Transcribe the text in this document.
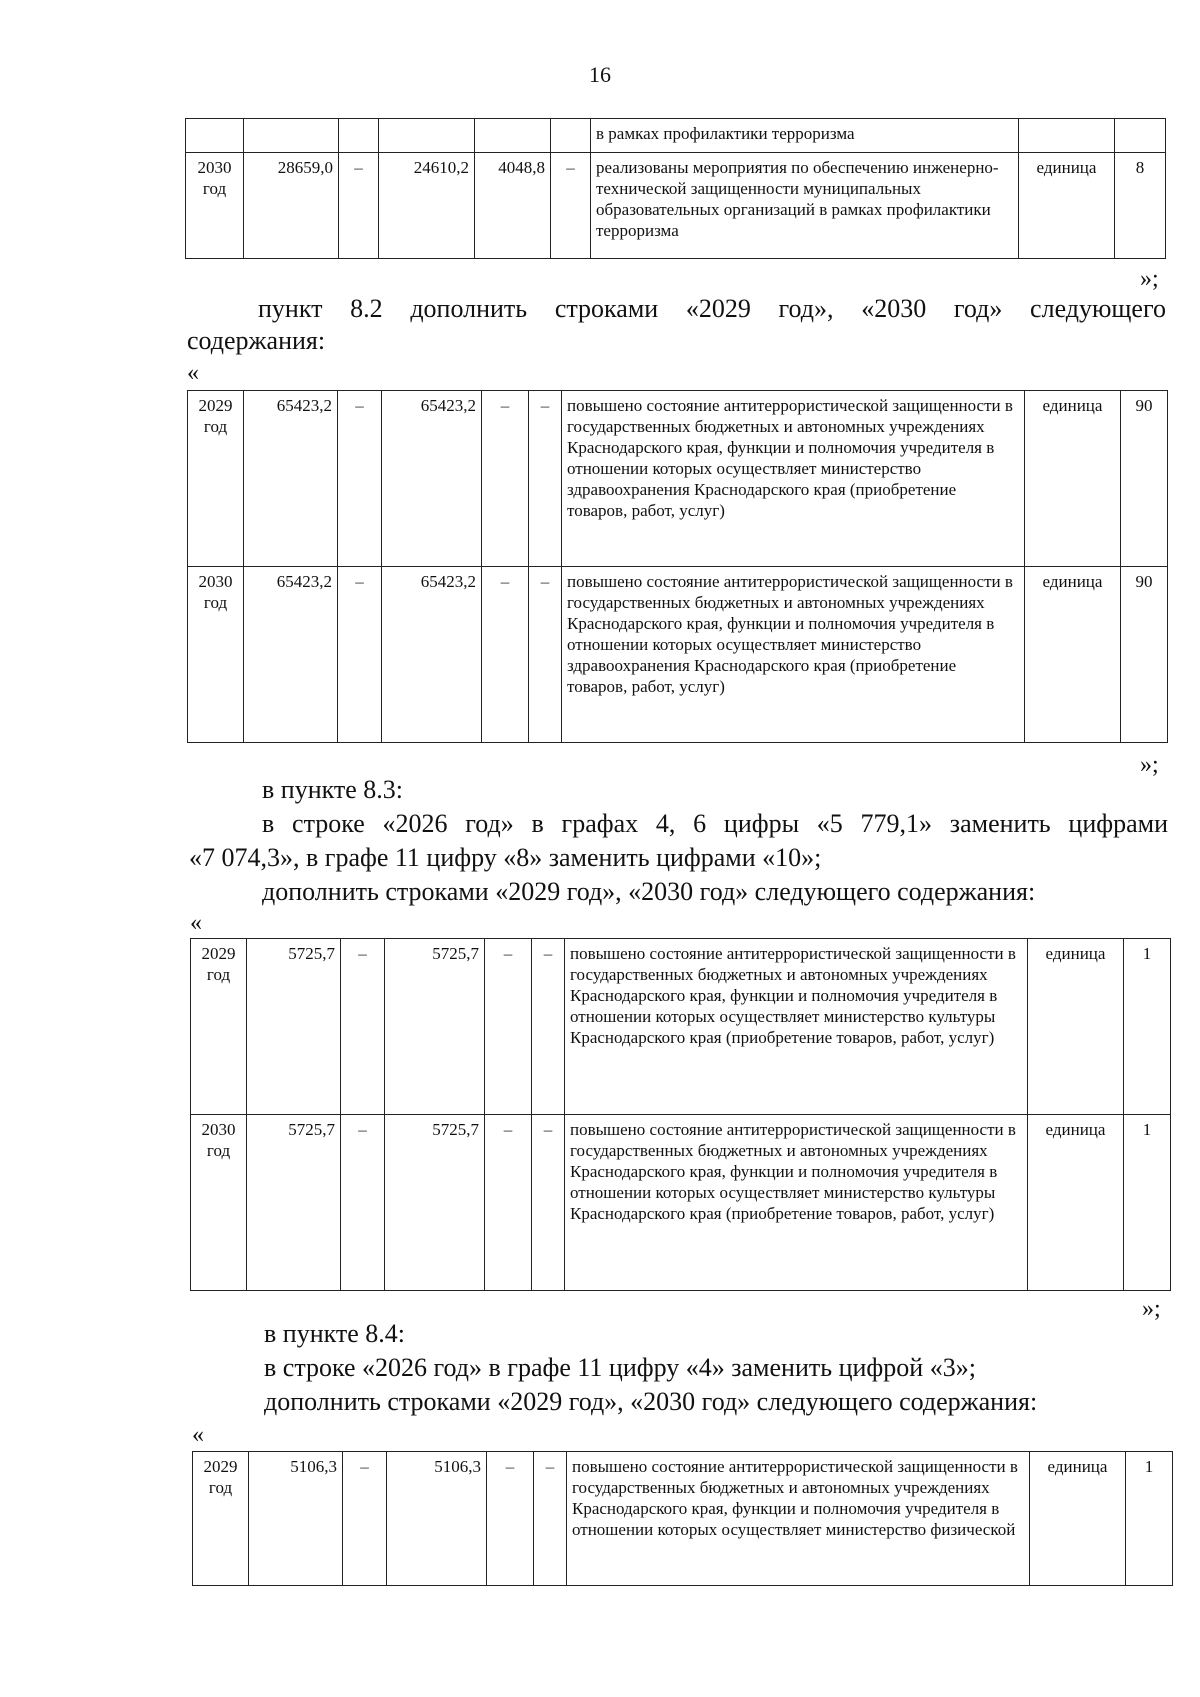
16
						в рамках профилактики терроризма		
2030 год	28659,0	–	24610,2	4048,8	–	реализованы мероприятия по обеспечению инженерно-технической защищенности муниципальных образовательных организаций в рамках профилактики терроризма	единица	8
»;
пункт 8.2 дополнить строками «2029 год», «2030 год» следующего
содержания:
«
2029 год	65423,2	–	65423,2	–	–	повышено состояние антитеррористической защищенности в государственных бюджетных и автономных учреждениях Краснодарского края, функции и полномочия учредителя в отношении которых осуществляет министерство здравоохранения Краснодарского края (приобретение товаров, работ, услуг)	единица	90
2030 год	65423,2	–	65423,2	–	–	повышено состояние антитеррористической защищенности в государственных бюджетных и автономных учреждениях Краснодарского края, функции и полномочия учредителя в отношении которых осуществляет министерство здравоохранения Краснодарского края (приобретение товаров, работ, услуг)	единица	90
»;
в пункте 8.3:
в строке «2026 год» в графах 4, 6 цифры «5 779,1» заменить цифрами
«7 074,3», в графе 11 цифру «8» заменить цифрами «10»;
дополнить строками «2029 год», «2030 год» следующего содержания:
«
2029 год	5725,7	–	5725,7	–	–	повышено состояние антитеррористической защищенности в государственных бюджетных и автономных учреждениях Краснодарского края, функции и полномочия учредителя в отношении которых осуществляет министерство культуры Краснодарского края (приобретение товаров, работ, услуг)	единица	1
2030 год	5725,7	–	5725,7	–	–	повышено состояние антитеррористической защищенности в государственных бюджетных и автономных учреждениях Краснодарского края, функции и полномочия учредителя в отношении которых осуществляет министерство культуры Краснодарского края (приобретение товаров, работ, услуг)	единица	1
»;
в пункте 8.4:
в строке «2026 год» в графе 11 цифру «4» заменить цифрой «3»;
дополнить строками «2029 год», «2030 год» следующего содержания:
«
2029 год	5106,3	–	5106,3	–	–	повышено состояние антитеррористической защищенности в государственных бюджетных и автономных учреждениях Краснодарского края, функции и полномочия учредителя в отношении которых осуществляет министерство физической	единица	1
